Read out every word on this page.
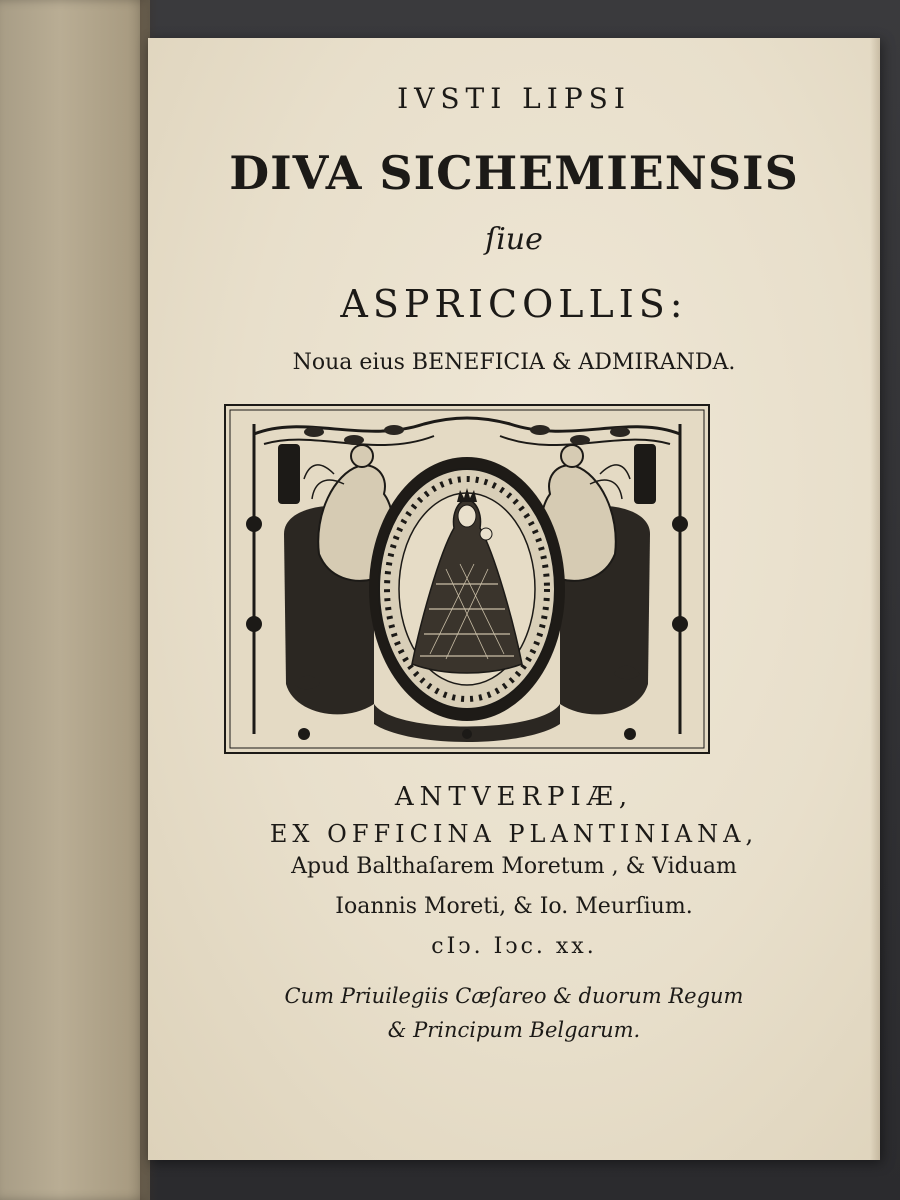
IVSTI LIPSI
DIVA SICHEMIENSIS
ſiue
ASPRICOLLIS:
Noua eius BENEFICIA & ADMIRANDA.
ANTVERPIÆ,
EX OFFICINA PLANTINIANA,
Apud Balthaſarem Moretum , & Viduam
Ioannis Moreti, & Io. Meurſium.
cIↄ. Iↄc. xx.
Cum Priuilegiis Cæſareo & duorum Regum
& Principum Belgarum.
